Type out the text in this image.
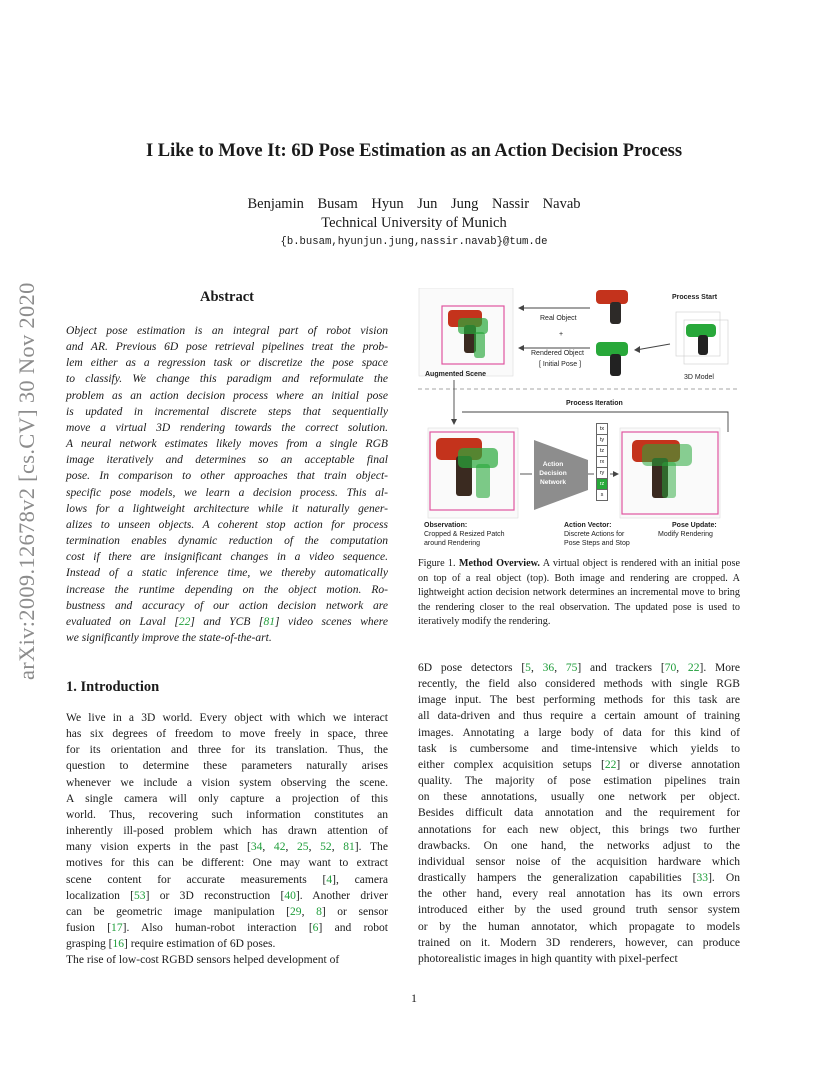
arXiv:2009.12678v2 [cs.CV] 30 Nov 2020
I Like to Move It: 6D Pose Estimation as an Action Decision Process
Benjamin Busam Hyun Jun Jung Nassir Navab
Technical University of Munich
{b.busam,hyunjun.jung,nassir.navab}@tum.de
Abstract
Object pose estimation is an integral part of robot vision
and AR. Previous 6D pose retrieval pipelines treat the prob-
lem either as a regression task or discretize the pose space
to classify. We change this paradigm and reformulate the
problem as an action decision process where an initial pose
is updated in incremental discrete steps that sequentially
move a virtual 3D rendering towards the correct solution.
A neural network estimates likely moves from a single RGB
image iteratively and determines so an acceptable final
pose. In comparison to other approaches that train object-
specific pose models, we learn a decision process. This al-
lows for a lightweight architecture while it naturally gener-
alizes to unseen objects. A coherent stop action for process
termination enables dynamic reduction of the computation
cost if there are insignificant changes in a video sequence.
Instead of a static inference time, we thereby automatically
increase the runtime depending on the object motion. Ro-
bustness and accuracy of our action decision network are
evaluated on Laval [22] and YCB [81] video scenes where
we significantly improve the state-of-the-art.
1. Introduction
We live in a 3D world. Every object with which we interact
has six degrees of freedom to move freely in space, three
for its orientation and three for its translation. Thus, the
question to determine these parameters naturally arises
whenever we include a vision system observing the scene.
A single camera will only capture a projection of this
world. Thus, recovering such information constitutes an
inherently ill-posed problem which has drawn attention of
many vision experts in the past [34, 42, 25, 52, 81]. The
motives for this can be different: One may want to extract
scene content for accurate measurements [4], camera
localization [53] or 3D reconstruction [40]. Another driver
can be geometric image manipulation [29, 8] or sensor
fusion [17]. Also human-robot interaction [6] and robot
grasping [16] require estimation of 6D poses.
The rise of low-cost RGBD sensors helped development of
Process Start
Real Object
+
Rendered Object
[ Initial Pose ]
Augmented Scene	3D Model
Process Iteration
Action Decision Network
tx
ty
tz
rx
ry
rz
s
Observation:
Cropped & Resized Patch
around Rendering
Action Vector:
Discrete Actions for
Pose Steps and Stop
Pose Update:
Modify Rendering
Figure 1. Method Overview. A virtual object is rendered with an initial pose on top of a real object (top). Both image and rendering are cropped. A lightweight action decision network determines an incremental move to bring the rendering closer to the real observation. The updated pose is used to iteratively modify the rendering.
6D pose detectors [5, 36, 75] and trackers [70, 22]. More
recently, the field also considered methods with single RGB
image input. The best performing methods for this task are
all data-driven and thus require a certain amount of training
images. Annotating a large body of data for this kind of
task is cumbersome and time-intensive which yields to
either complex acquisition setups [22] or diverse annotation
quality. The majority of pose estimation pipelines train
on these annotations, usually one network per object.
Besides difficult data annotation and the requirement for
annotations for each new object, this brings two further
drawbacks. On one hand, the networks adjust to the
individual sensor noise of the acquisition hardware which
drastically hampers the generalization capabilities [33]. On
the other hand, every real annotation has its own errors
introduced either by the used ground truth sensor system
or by the human annotator, which propagate to models
trained on it. Modern 3D renderers, however, can produce
photorealistic images in high quantity with pixel-perfect
1
